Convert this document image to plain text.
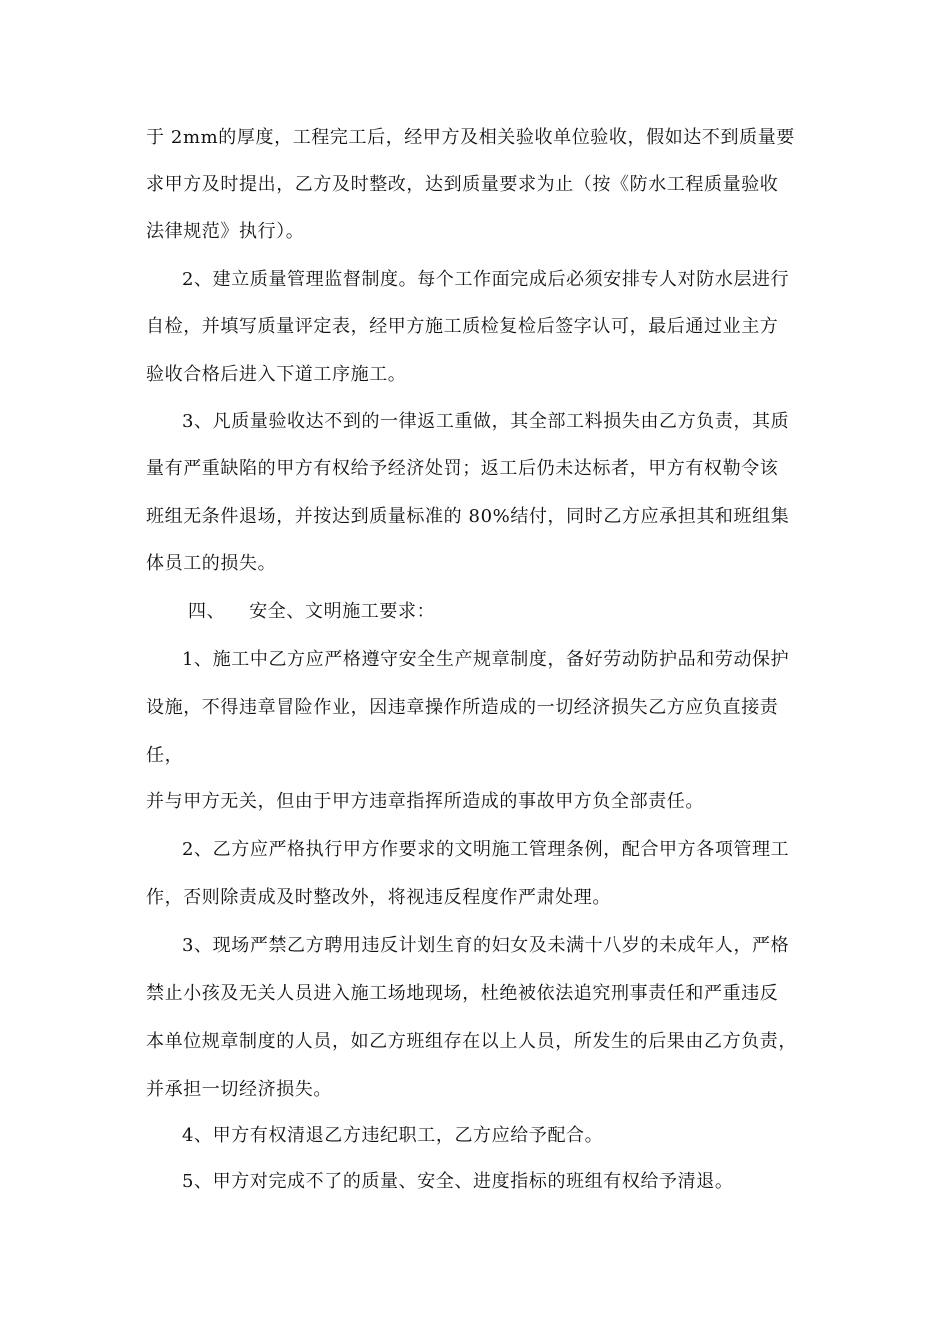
于 2mm的厚度，工程完工后，经甲方及相关验收单位验收，假如达不到质量要
求甲方及时提出，乙方及时整改，达到质量要求为止（按《防水工程质量验收
法律规范》执行）。
2、建立质量管理监督制度。每个工作面完成后必须安排专人对防水层进行
自检，并填写质量评定表，经甲方施工质检复检后签字认可，最后通过业主方
验收合格后进入下道工序施工。
3、凡质量验收达不到的一律返工重做，其全部工料损失由乙方负责，其质
量有严重缺陷的甲方有权给予经济处罚；返工后仍未达标者，甲方有权勒令该
班组无条件退场，并按达到质量标准的 80%结付，同时乙方应承担其和班组集
体员工的损失。
四、 安全、文明施工要求：
1、施工中乙方应严格遵守安全生产规章制度，备好劳动防护品和劳动保护
设施，不得违章冒险作业，因违章操作所造成的一切经济损失乙方应负直接责
任，
并与甲方无关，但由于甲方违章指挥所造成的事故甲方负全部责任。
2、乙方应严格执行甲方作要求的文明施工管理条例，配合甲方各项管理工
作，否则除责成及时整改外，将视违反程度作严肃处理。
3、现场严禁乙方聘用违反计划生育的妇女及未满十八岁的未成年人，严格
禁止小孩及无关人员进入施工场地现场，杜绝被依法追究刑事责任和严重违反
本单位规章制度的人员，如乙方班组存在以上人员，所发生的后果由乙方负责，
并承担一切经济损失。
4、甲方有权清退乙方违纪职工，乙方应给予配合。
5、甲方对完成不了的质量、安全、进度指标的班组有权给予清退。
